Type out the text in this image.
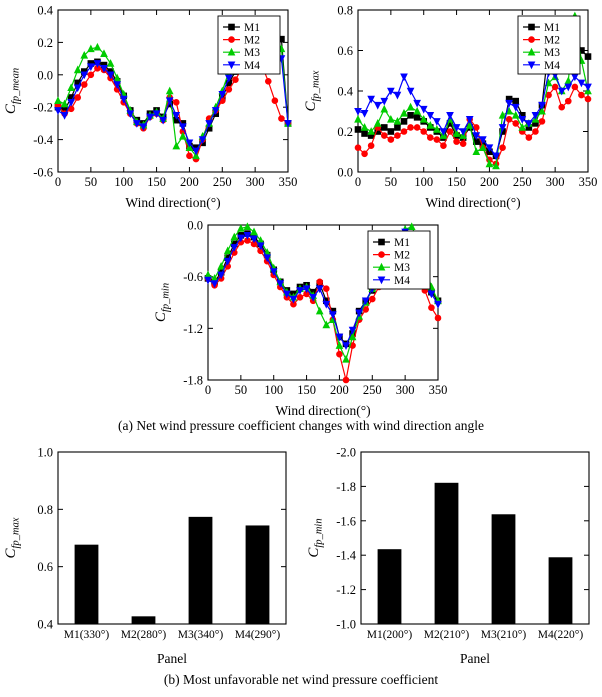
0 50 100 150 200 250 300 350
-0.6
-0.4
-0.2
0.0
0.2
0.4
Wind direction(°)
$C_{fp\_mean}$
M1
M2
M3
M4
0 50 100 150 200 250 300 350
0.0
0.2
0.4
0.6
0.8
Wind direction(°)
$C_{fp\_max}$
M1
M2
M3
M4
0 50 100 150 200 250 300 350
-1.8
-1.2
-0.6
0.0
Wind direction(°)
$C_{fp\_min}$
M1
M2
M3
M4
(a) Net wind pressure coefficient changes with wind direction angle
0.4
0.6
0.8
1.0
M1(330°) M2(280°) M3(340°) M4(290°)
Panel
$C_{fp\_max}$
-1.0
-1.2
-1.4
-1.6
-1.8
-2.0
M1(200°) M2(210°) M3(210°) M4(220°)
Panel
$C_{fp\_min}$
(b) Most unfavorable net wind pressure coefficient
